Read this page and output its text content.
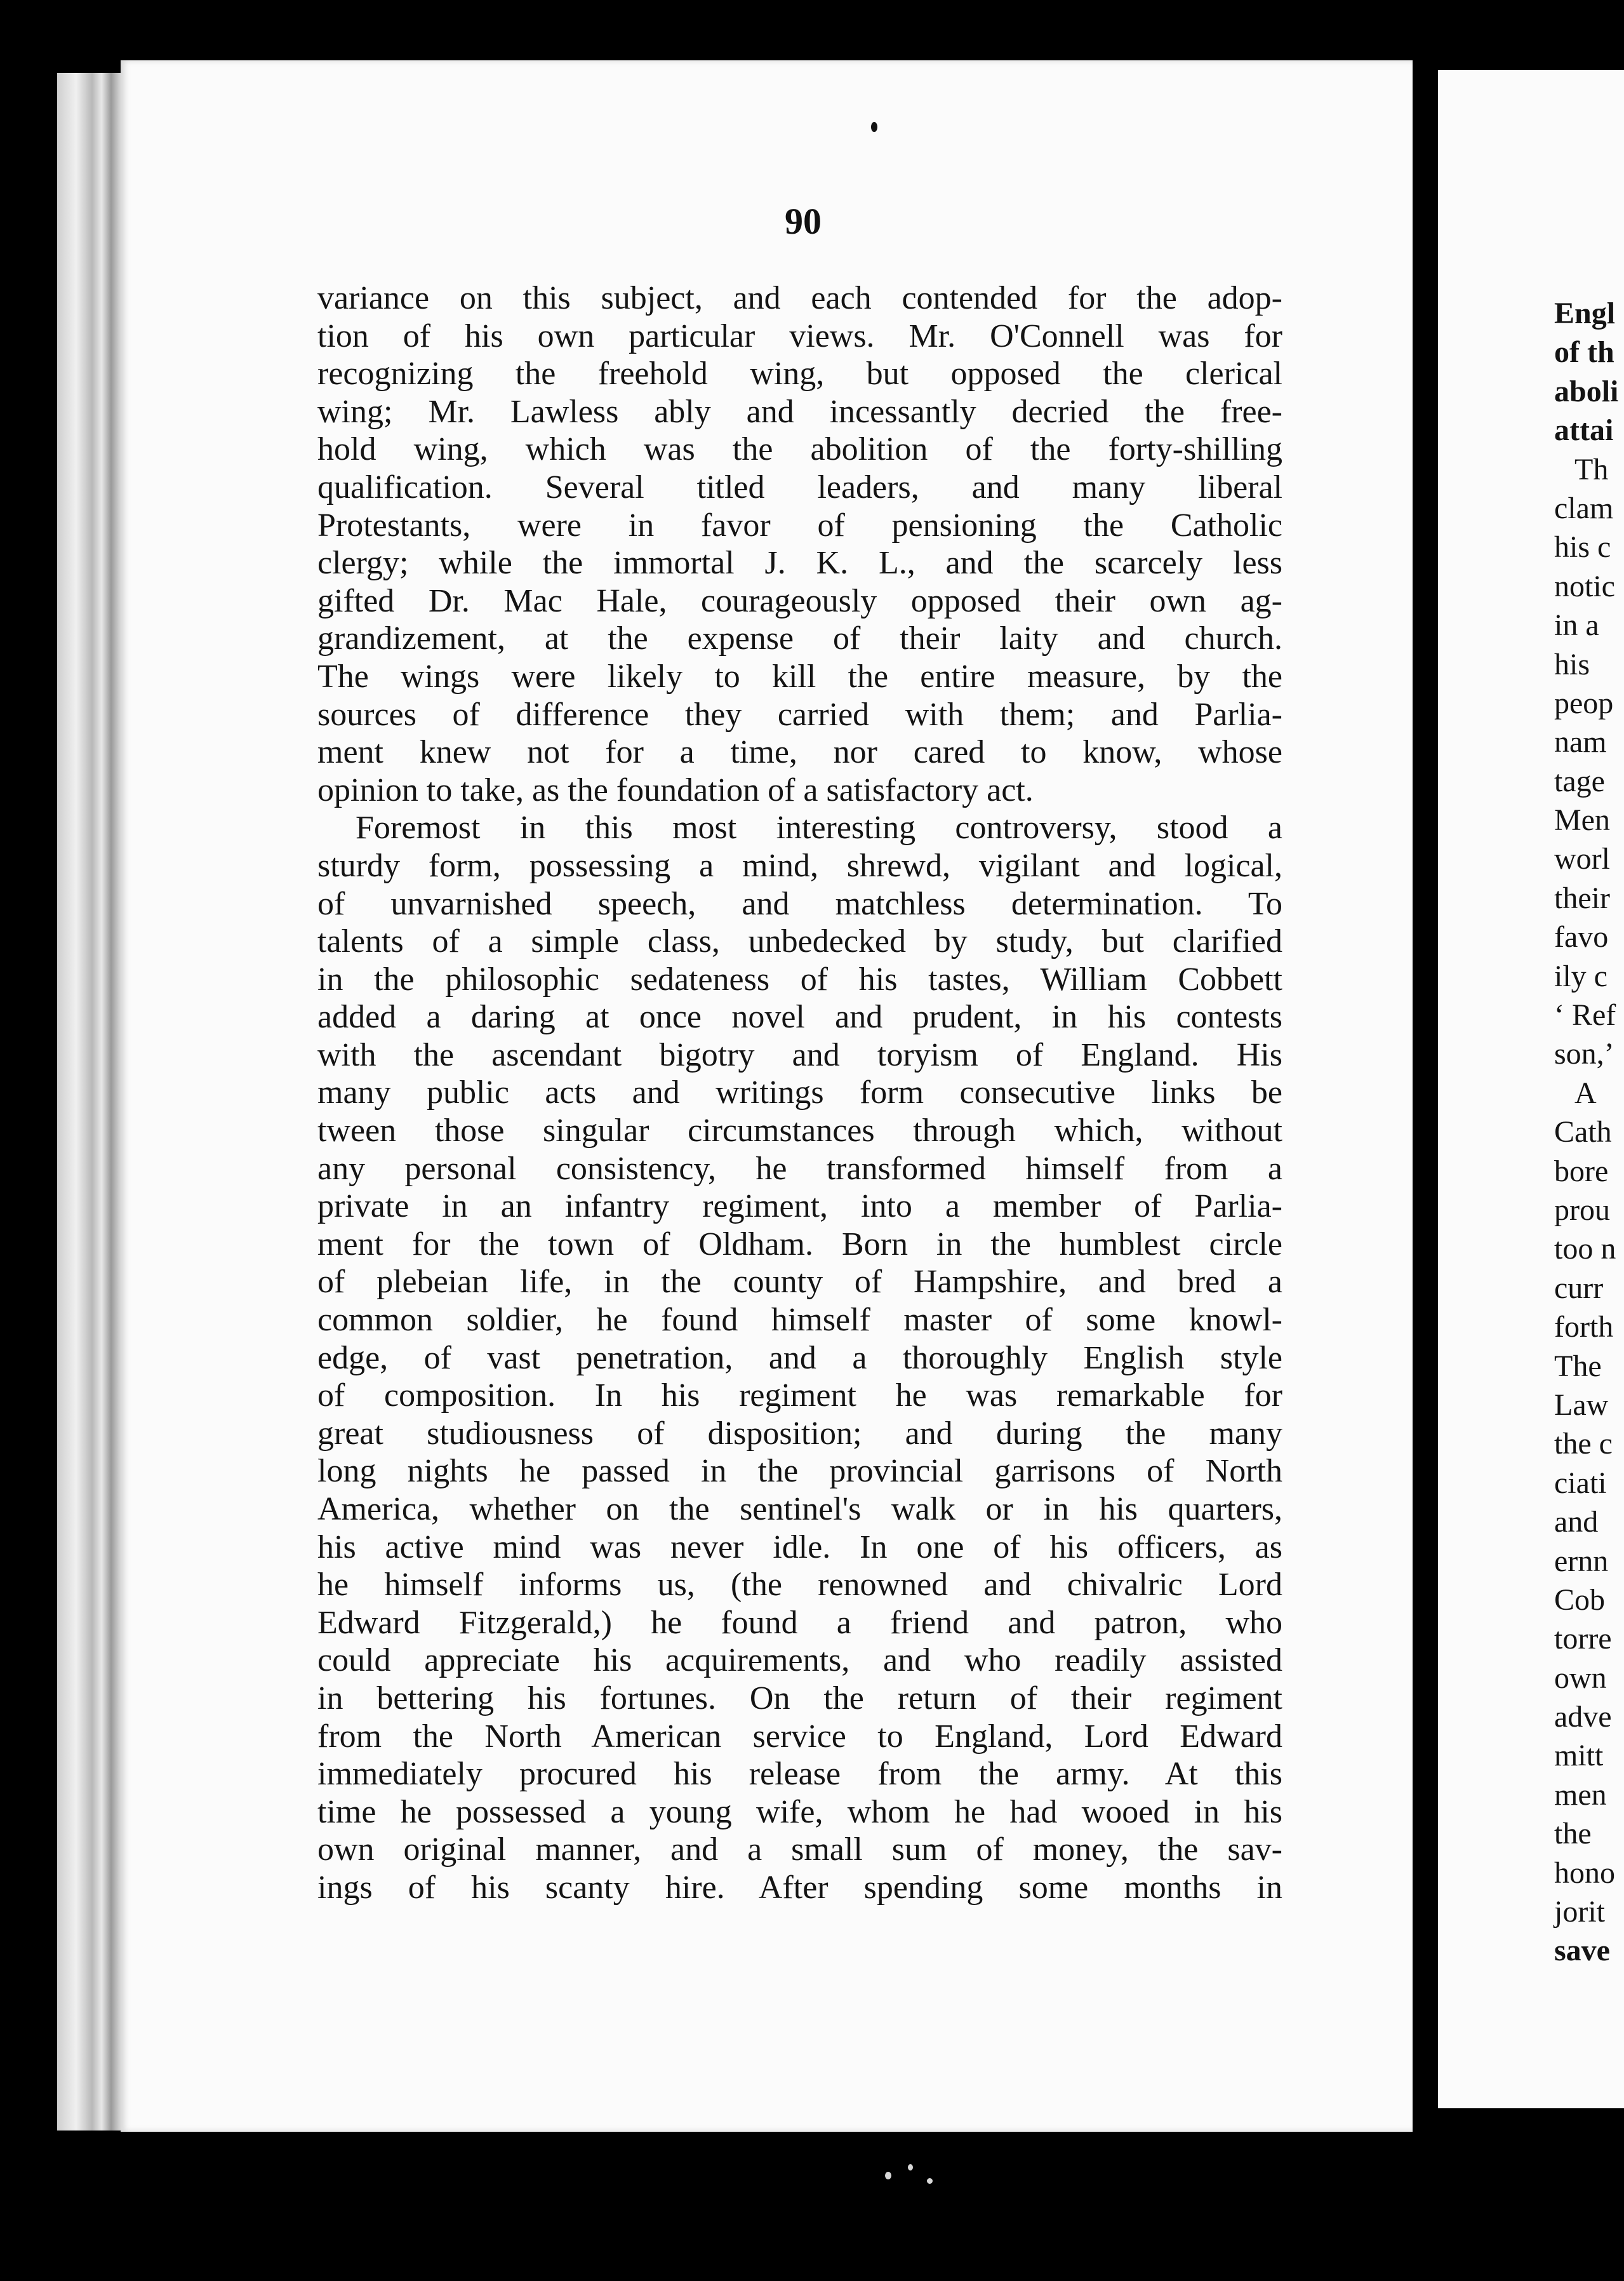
90
variance on this subject, and each contended for the adop-
tion of his own particular views. Mr. O'Connell was for
recognizing the freehold wing, but opposed the clerical
wing; Mr. Lawless ably and incessantly decried the free-
hold wing, which was the abolition of the forty-shilling
qualification. Several titled leaders, and many liberal
Protestants, were in favor of pensioning the Catholic
clergy; while the immortal J. K. L., and the scarcely less
gifted Dr. Mac Hale, courageously opposed their own ag-
grandizement, at the expense of their laity and church.
The wings were likely to kill the entire measure, by the
sources of difference they carried with them; and Parlia-
ment knew not for a time, nor cared to know, whose
opinion to take, as the foundation of a satisfactory act.
Foremost in this most interesting controversy, stood a
sturdy form, possessing a mind, shrewd, vigilant and logical,
of unvarnished speech, and matchless determination. To
talents of a simple class, unbedecked by study, but clarified
in the philosophic sedateness of his tastes, William Cobbett
added a daring at once novel and prudent, in his contests
with the ascendant bigotry and toryism of England. His
many public acts and writings form consecutive links be
tween those singular circumstances through which, without
any personal consistency, he transformed himself from a
private in an infantry regiment, into a member of Parlia-
ment for the town of Oldham. Born in the humblest circle
of plebeian life, in the county of Hampshire, and bred a
common soldier, he found himself master of some knowl-
edge, of vast penetration, and a thoroughly English style
of composition. In his regiment he was remarkable for
great studiousness of disposition; and during the many
long nights he passed in the provincial garrisons of North
America, whether on the sentinel's walk or in his quarters,
his active mind was never idle. In one of his officers, as
he himself informs us, (the renowned and chivalric Lord
Edward Fitzgerald,) he found a friend and patron, who
could appreciate his acquirements, and who readily assisted
in bettering his fortunes. On the return of their regiment
from the North American service to England, Lord Edward
immediately procured his release from the army. At this
time he possessed a young wife, whom he had wooed in his
own original manner, and a small sum of money, the sav-
ings of his scanty hire. After spending some months in
Engl
of th
aboli
attai
Th
clam
his c
notic
in a
his
peop
nam
tage
Men
worl
their
favo
ily c
‘ Ref
son,’
A
Cath
bore
prou
too n
curr
forth
The
Law
the c
ciati
and
ernn
Cob
torre
own
adve
mitt
men
the
hono
jorit
save
